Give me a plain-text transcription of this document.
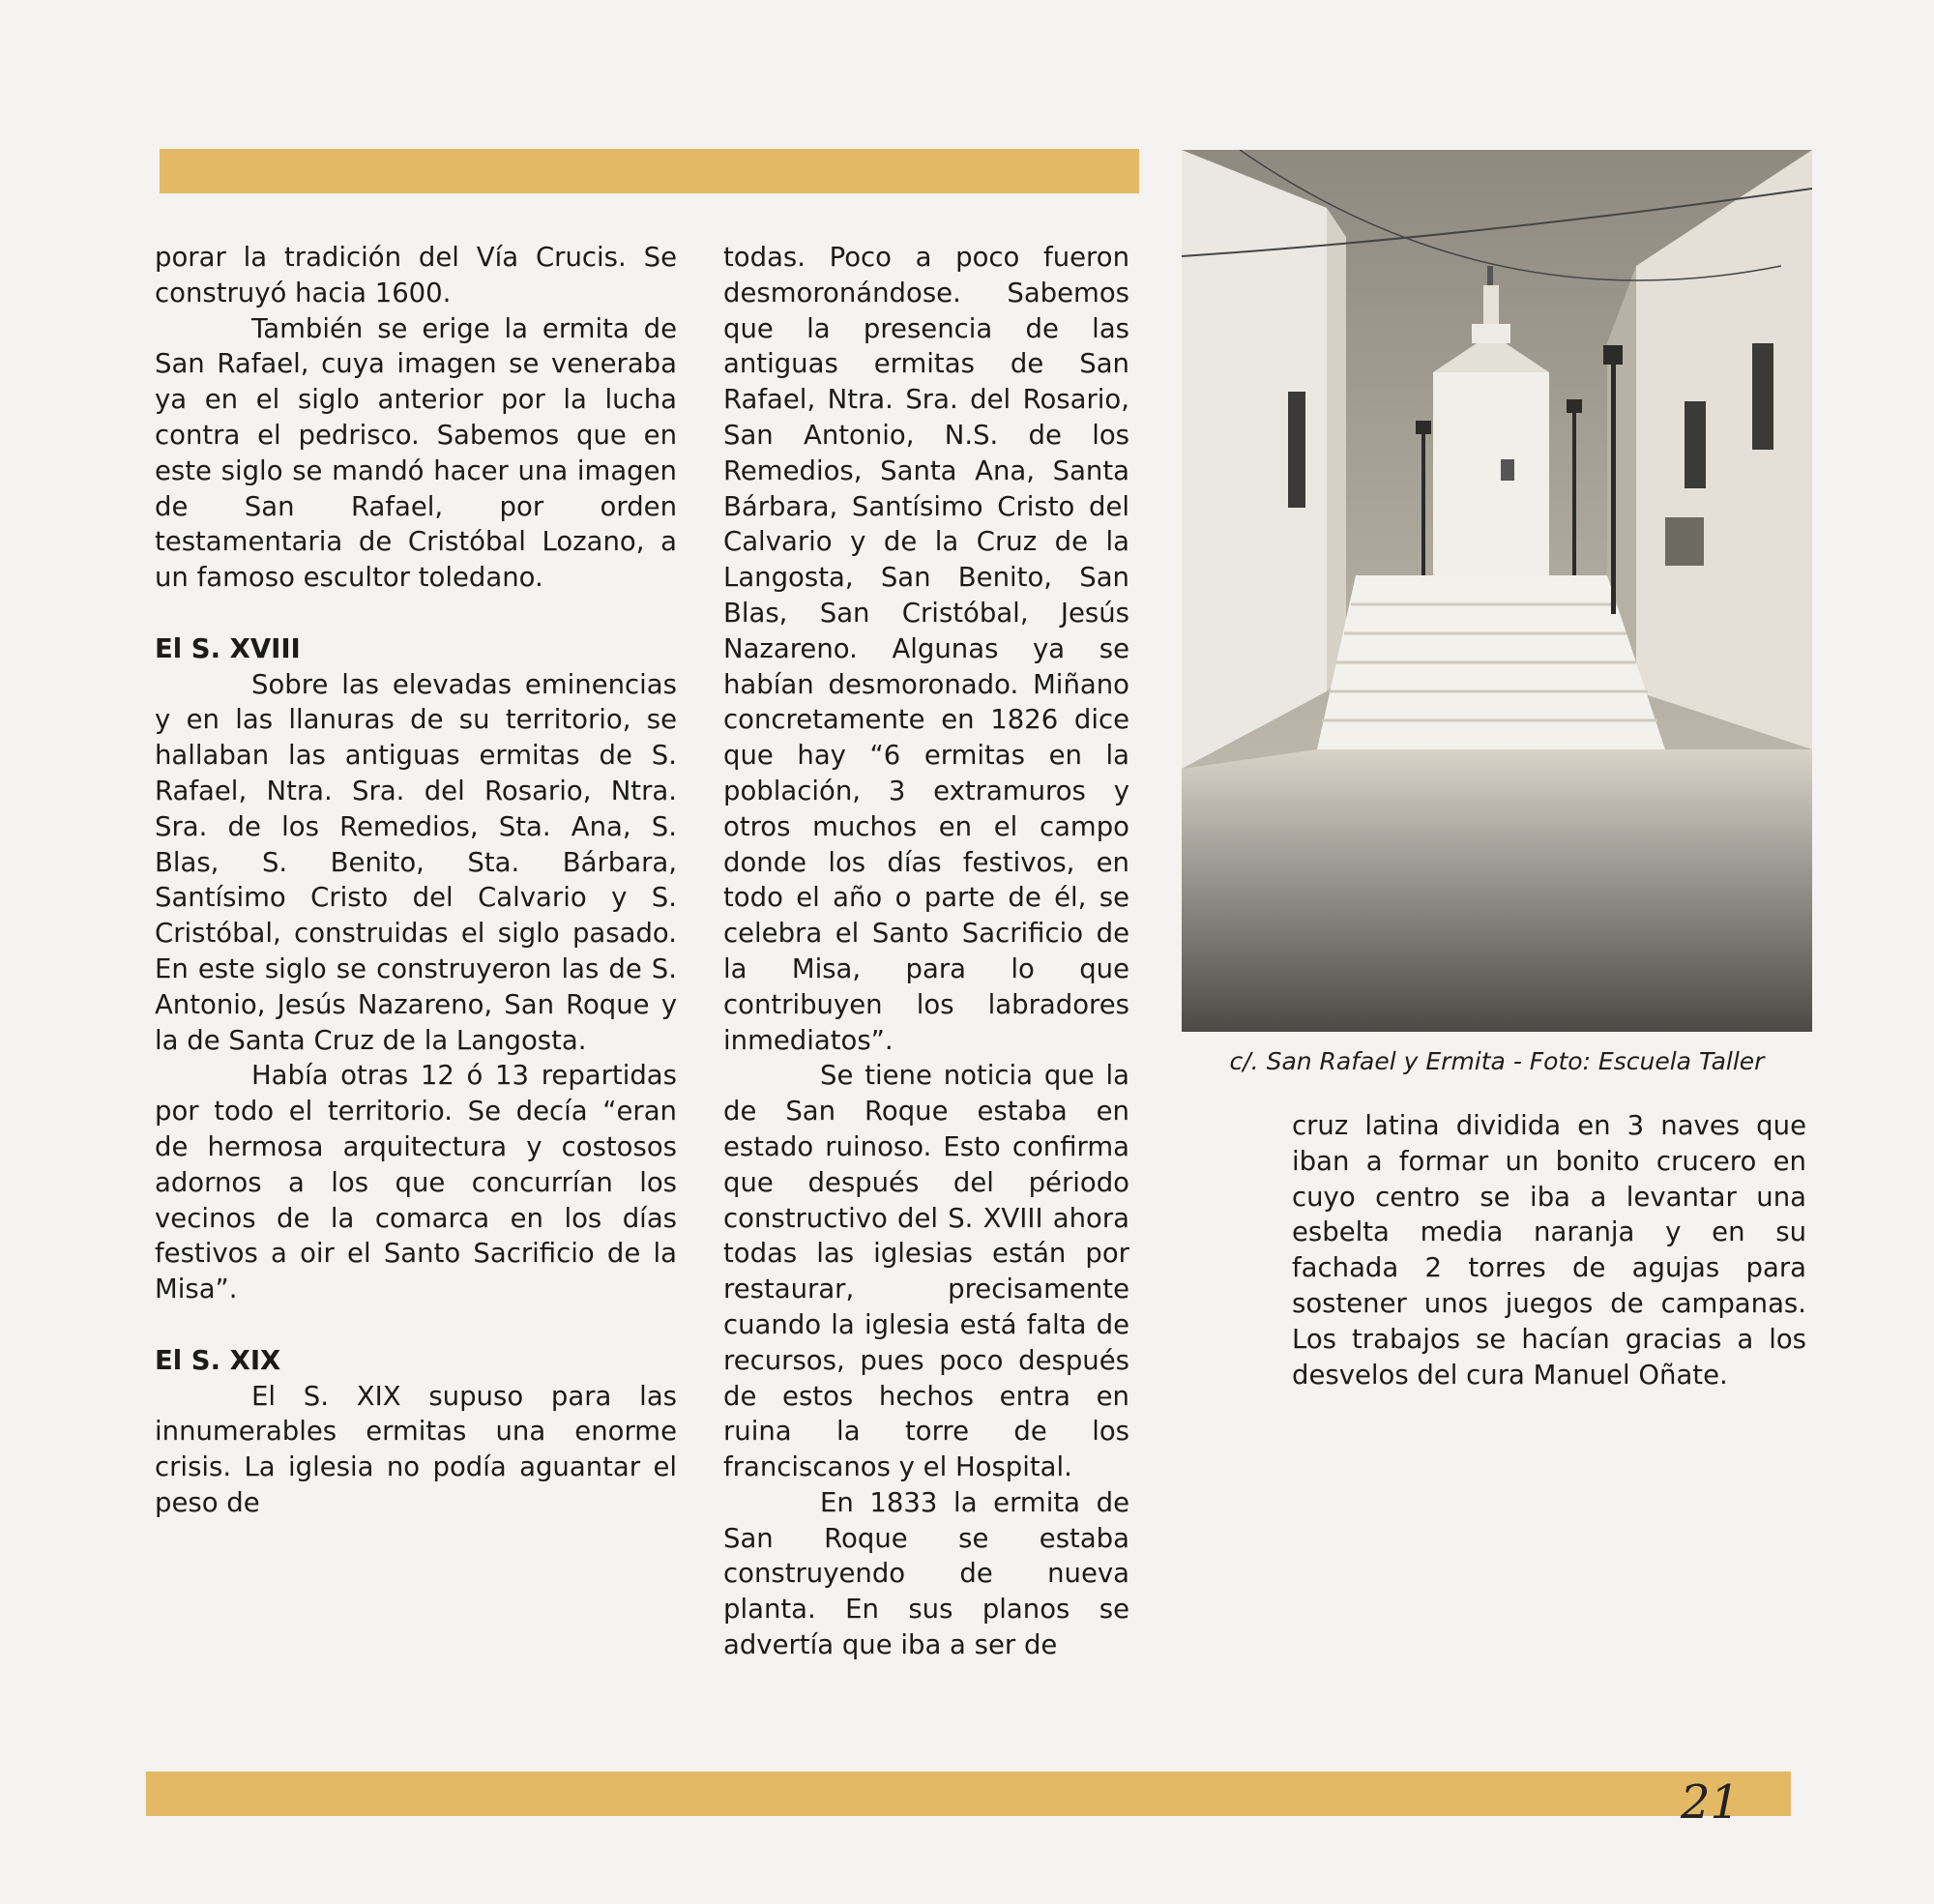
porar la tradición del Vía Crucis. Se construyó hacia 1600.

También se erige la ermita de San Rafael, cuya imagen se veneraba ya en el siglo anterior por la lucha contra el pedrisco. Sabemos que en este siglo se mandó hacer una imagen de San Rafael, por orden testamentaria de Cristóbal Lozano, a un famoso escultor toledano.

El S. XVIII

Sobre las elevadas eminencias y en las llanuras de su territorio, se hallaban las antiguas ermitas de S. Rafael, Ntra. Sra. del Rosario, Ntra. Sra. de los Remedios, Sta. Ana, S. Blas, S. Benito, Sta. Bárbara, Santísimo Cristo del Calvario y S. Cristóbal, construidas el siglo pasado. En este siglo se construyeron las de S. Antonio, Jesús Nazareno, San Roque y la de Santa Cruz de la Langosta.

Había otras 12 ó 13 repartidas por todo el territorio. Se decía “eran de hermosa arquitectura y costosos adornos a los que concurrían los vecinos de la comarca en los días festivos a oir el Santo Sacrificio de la Misa”.

El S. XIX

El S. XIX supuso para las innumerables ermitas una enorme crisis. La iglesia no podía aguantar el peso de

todas. Poco a poco fueron desmoronándose. Sabemos que la presencia de las antiguas ermitas de San Rafael, Ntra. Sra. del Rosario, San Antonio, N.S. de los Remedios, Santa Ana, Santa Bárbara, Santísimo Cristo del Calvario y de la Cruz de la Langosta, San Benito, San Blas, San Cristóbal, Jesús Nazareno. Algunas ya se habían desmoronado. Miñano concretamente en 1826 dice que hay “6 ermitas en la población, 3 extramuros y otros muchos en el campo donde los días festivos, en todo el año o parte de él, se celebra el Santo Sacrificio de la Misa, para lo que contribuyen los labradores inmediatos”.

Se tiene noticia que la de San Roque estaba en estado ruinoso. Esto confirma que después del périodo constructivo del S. XVIII ahora todas las iglesias están por restaurar, precisamente cuando la iglesia está falta de recursos, pues poco después de estos hechos entra en ruina la torre de los franciscanos y el Hospital.

En 1833 la ermita de San Roque se estaba construyendo de nueva planta. En sus planos se advertía que iba a ser de

c/. San Rafael y Ermita - Foto: Escuela Taller

cruz latina dividida en 3 naves que iban a formar un bonito crucero en cuyo centro se iba a levantar una esbelta media naranja y en su fachada 2 torres de agujas para sostener unos juegos de campanas. Los trabajos se hacían gracias a los desvelos del cura Manuel Oñate.

21
